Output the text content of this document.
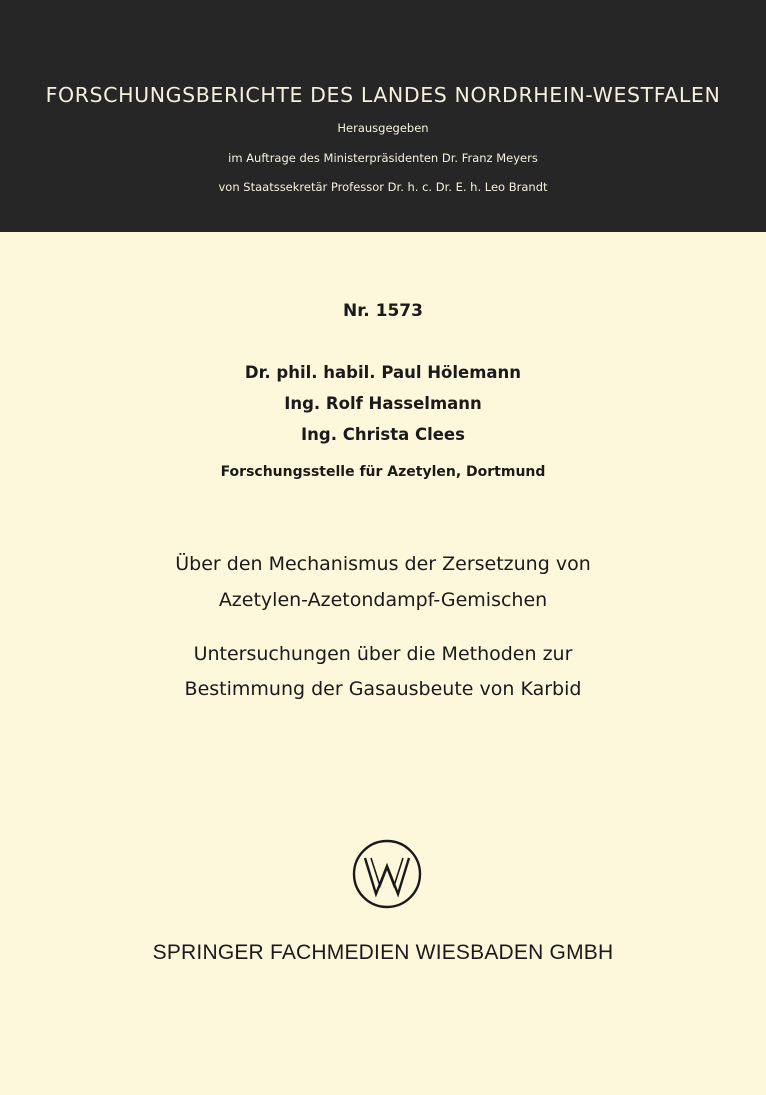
FORSCHUNGSBERICHTE DES LANDES NORDRHEIN-WESTFALEN
Herausgegeben
im Auftrage des Ministerpräsidenten Dr. Franz Meyers
von Staatssekretär Professor Dr. h. c. Dr. E. h. Leo Brandt
Nr. 1573
Dr. phil. habil. Paul Hölemann
Ing. Rolf Hasselmann
Ing. Christa Clees
Forschungsstelle für Azetylen, Dortmund
Über den Mechanismus der Zersetzung von
Azetylen-Azetondampf-Gemischen
Untersuchungen über die Methoden zur
Bestimmung der Gasausbeute von Karbid
SPRINGER FACHMEDIEN WIESBADEN GMBH
